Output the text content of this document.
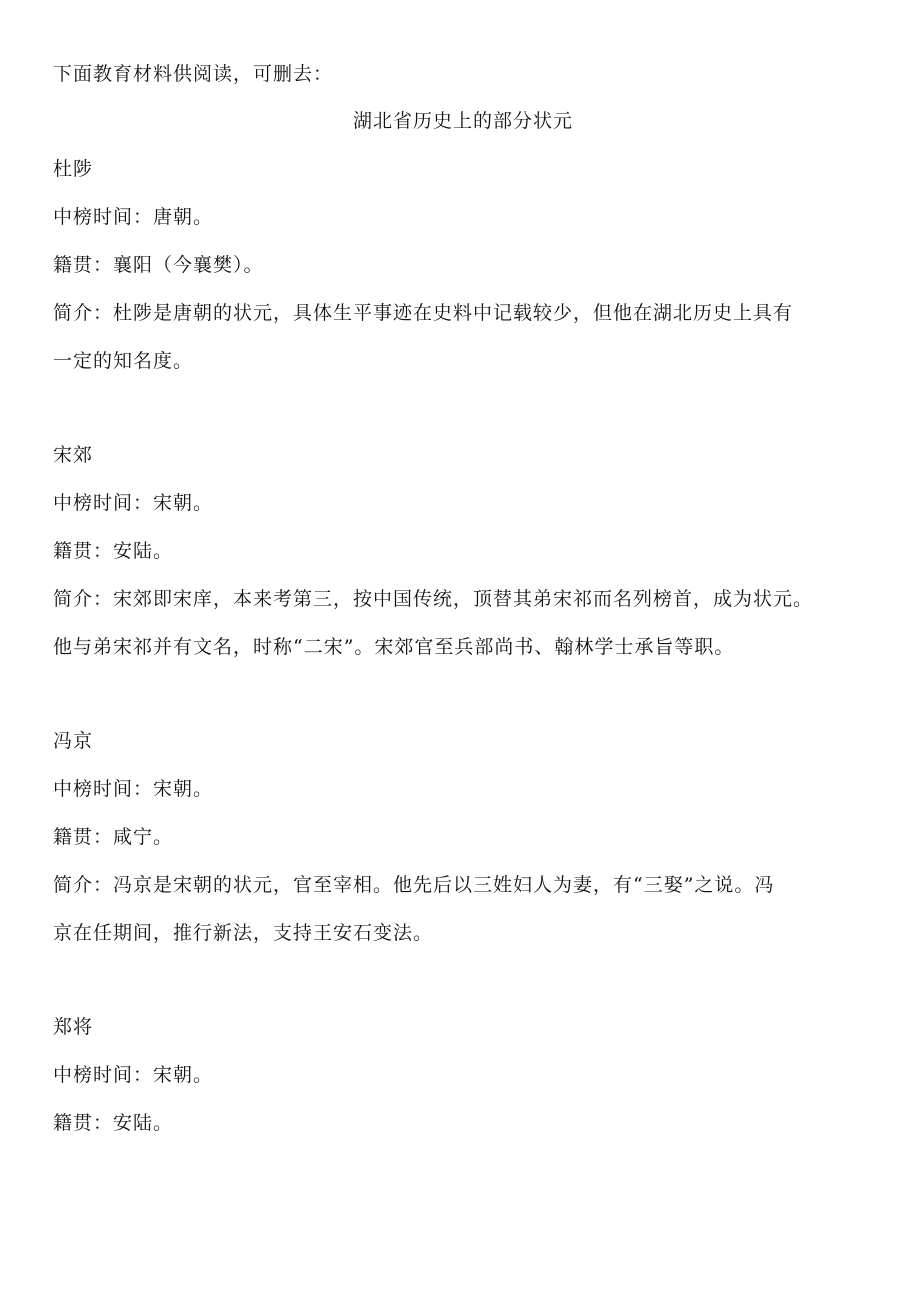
下面教育材料供阅读，可删去：
湖北省历史上的部分状元
杜陟
中榜时间：唐朝。
籍贯：襄阳（今襄樊）。
简介：杜陟是唐朝的状元，具体生平事迹在史料中记载较少，但他在湖北历史上具有
一定的知名度。
宋郊
中榜时间：宋朝。
籍贯：安陆。
简介：宋郊即宋庠，本来考第三，按中国传统，顶替其弟宋祁而名列榜首，成为状元。
他与弟宋祁并有文名，时称“二宋”。宋郊官至兵部尚书、翰林学士承旨等职。
冯京
中榜时间：宋朝。
籍贯：咸宁。
简介：冯京是宋朝的状元，官至宰相。他先后以三姓妇人为妻，有“三娶”之说。冯
京在任期间，推行新法，支持王安石变法。
郑将
中榜时间：宋朝。
籍贯：安陆。
